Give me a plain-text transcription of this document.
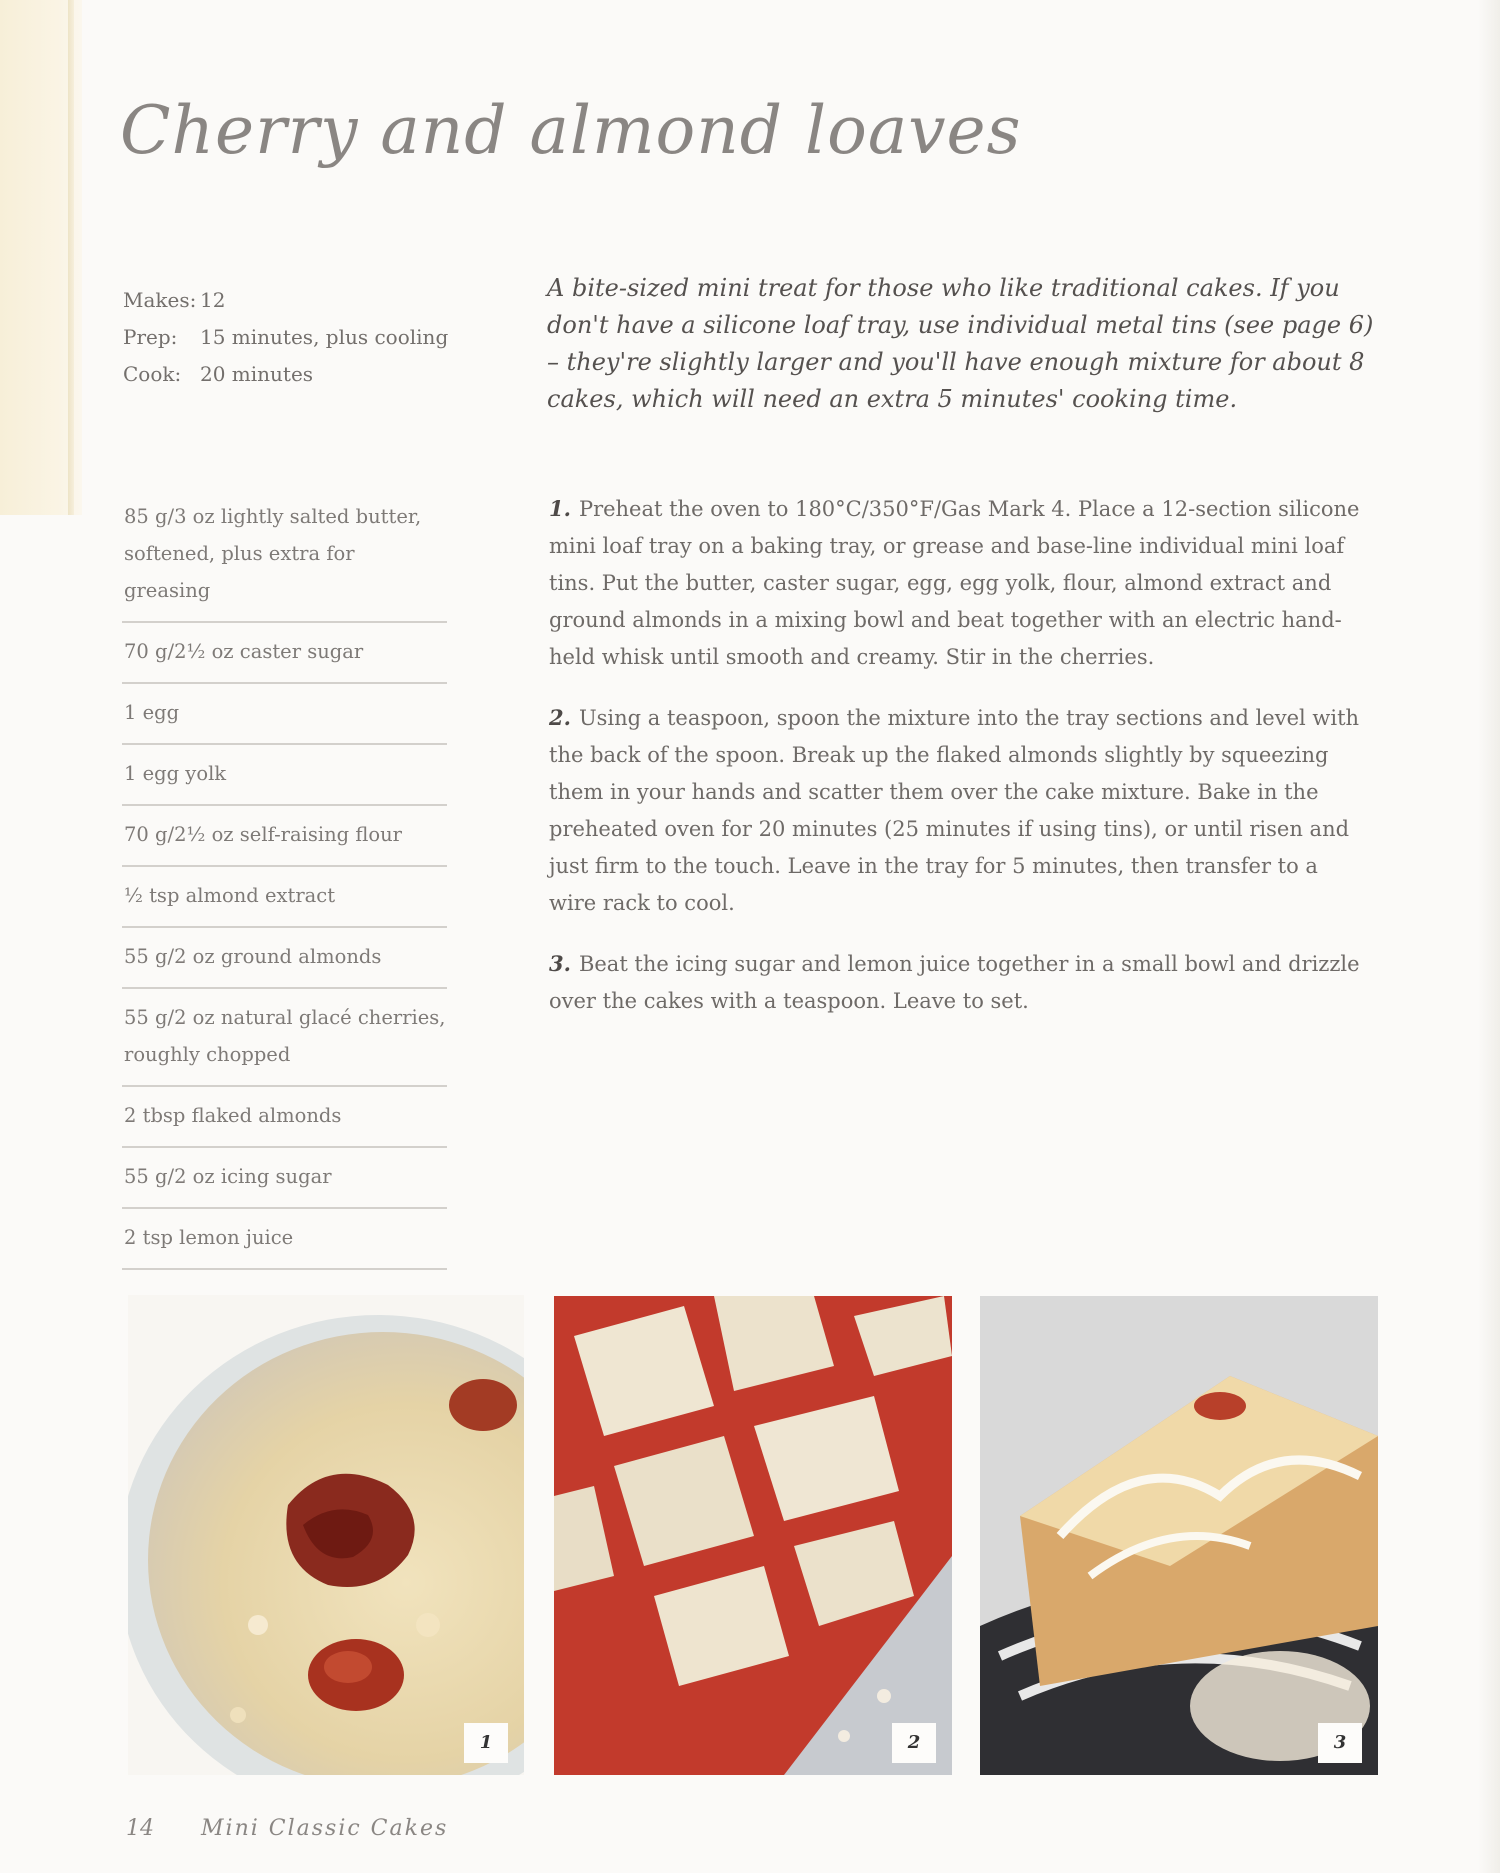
Cherry and almond loaves
Makes: 12
Prep:	15 minutes, plus cooling
Cook: 20 minutes
85 g/3 oz lightly salted butter, softened, plus extra for greasing
70 g/2½ oz caster sugar
1 egg
1 egg yolk
70 g/2½ oz self-raising flour
½ tsp almond extract
55 g/2 oz ground almonds
55 g/2 oz natural glacé cherries, roughly chopped
2 tbsp flaked almonds
55 g/2 oz icing sugar
2 tsp lemon juice

A bite-sized mini treat for those who like traditional cakes. If you don't have a silicone loaf tray, use individual metal tins (see page 6) – they're slightly larger and you'll have enough mixture for about 8 cakes, which will need an extra 5 minutes' cooking time.

1. Preheat the oven to 180°C/350°F/Gas Mark 4. Place a 12-section silicone mini loaf tray on a baking tray, or grease and base-line individual mini loaf tins. Put the butter, caster sugar, egg, egg yolk, flour, almond extract and ground almonds in a mixing bowl and beat together with an electric hand-held whisk until smooth and creamy. Stir in the cherries.

2. Using a teaspoon, spoon the mixture into the tray sections and level with the back of the spoon. Break up the flaked almonds slightly by squeezing them in your hands and scatter them over the cake mixture. Bake in the preheated oven for 20 minutes (25 minutes if using tins), or until risen and just firm to the touch. Leave in the tray for 5 minutes, then transfer to a wire rack to cool.

3. Beat the icing sugar and lemon juice together in a small bowl and drizzle over the cakes with a teaspoon. Leave to set.

1	2	3
14 Mini Classic Cakes
